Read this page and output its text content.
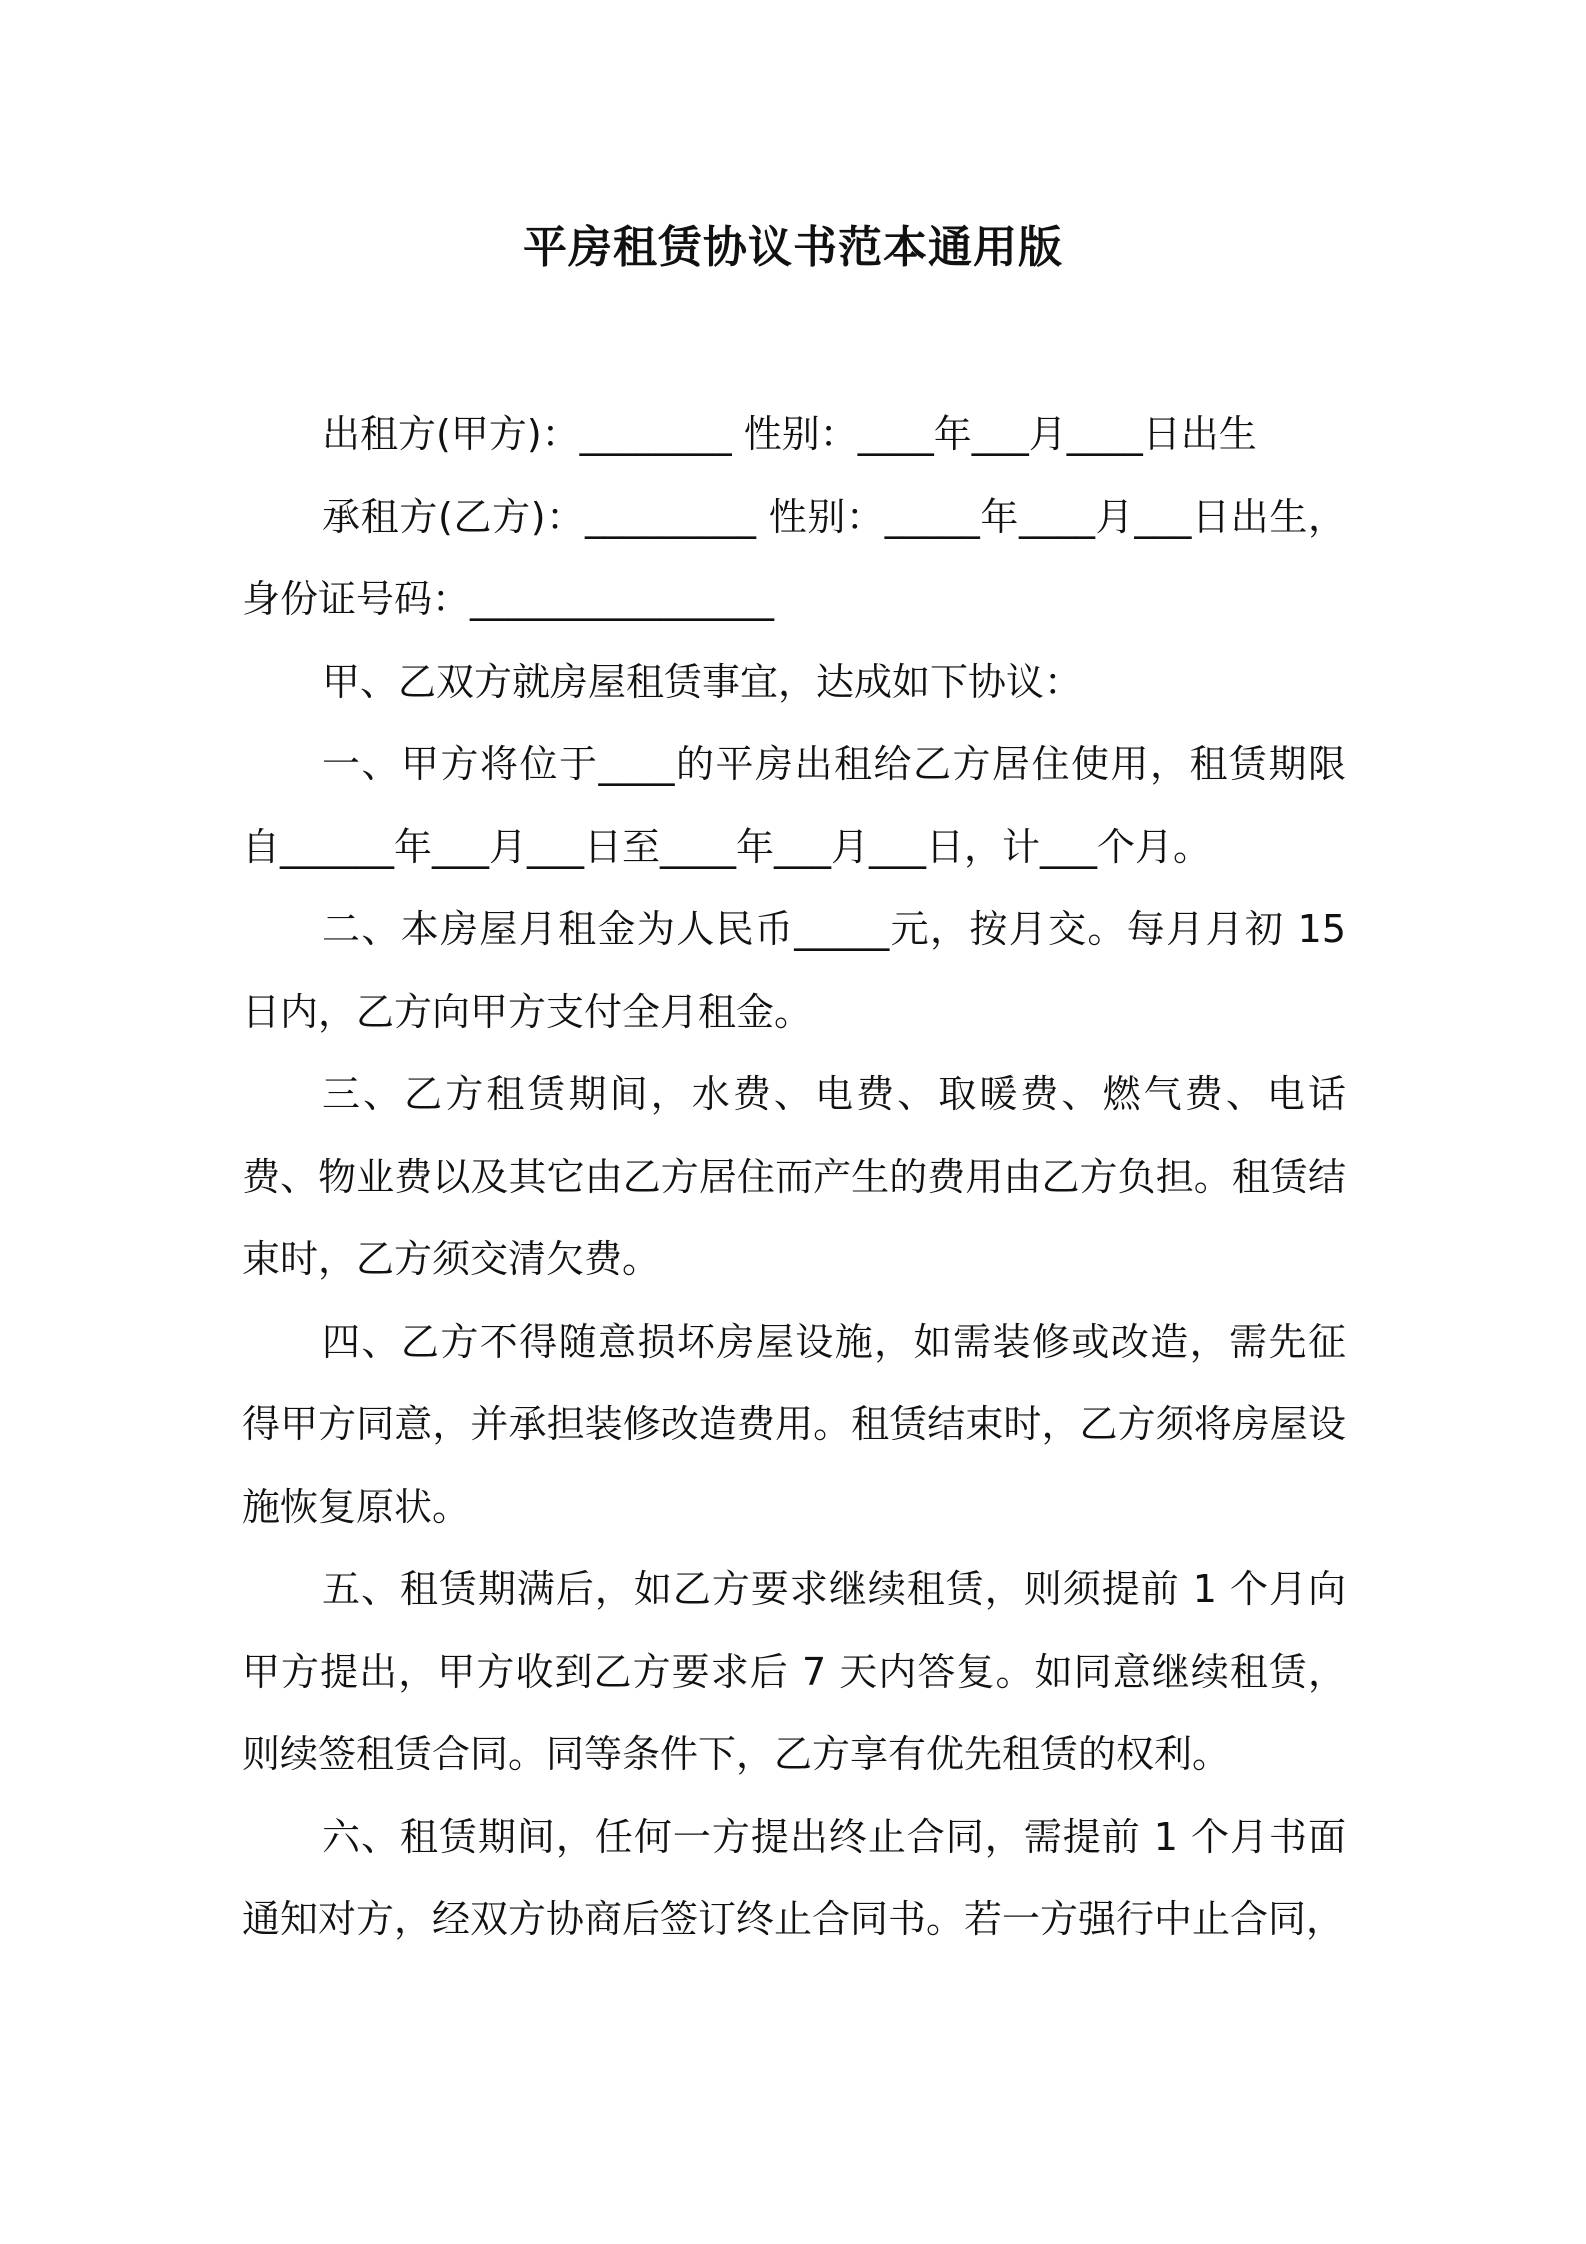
平房租赁协议书范本通用版

出租方(甲方)：________ 性别：____年___月____日出生

承租方(乙方)：_________ 性别：_____年____月___日出生，身份证号码：________________

甲、乙双方就房屋租赁事宜，达成如下协议：

一、甲方将位于____的平房出租给乙方居住使用，租赁期限自______年___月___日至____年___月___日，计___个月。

二、本房屋月租金为人民币_____元，按月交。每月月初 15 日内，乙方向甲方支付全月租金。

三、乙方租赁期间，水费、电费、取暖费、燃气费、电话费、物业费以及其它由乙方居住而产生的费用由乙方负担。租赁结束时，乙方须交清欠费。

四、乙方不得随意损坏房屋设施，如需装修或改造，需先征得甲方同意，并承担装修改造费用。租赁结束时，乙方须将房屋设施恢复原状。

五、租赁期满后，如乙方要求继续租赁，则须提前 1 个月向甲方提出，甲方收到乙方要求后 7 天内答复。如同意继续租赁，则续签租赁合同。同等条件下，乙方享有优先租赁的权利。

六、租赁期间，任何一方提出终止合同，需提前 1 个月书面通知对方，经双方协商后签订终止合同书。若一方强行中止合同，
